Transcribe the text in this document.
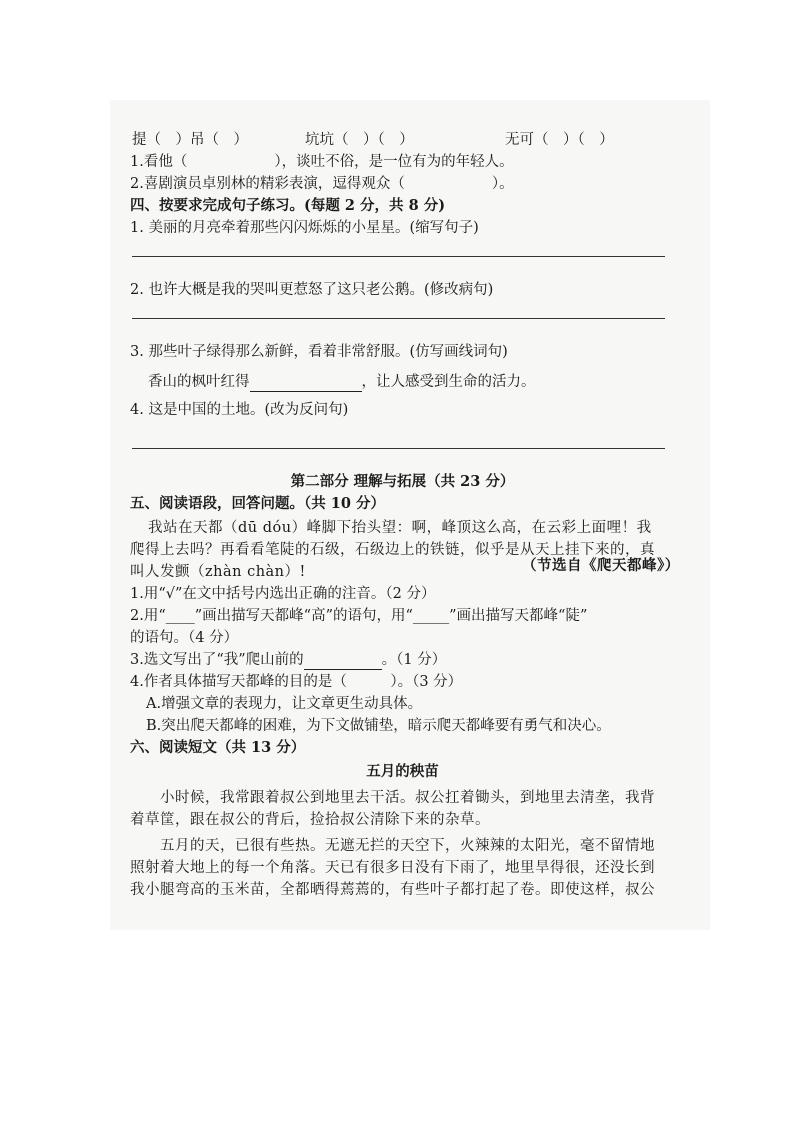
提（　）吊（　）	坑坑（　）（　）	无可（　）（　）
1.看他（　　　　　　），谈吐不俗，是一位有为的年轻人。
2.喜剧演员卓别林的精彩表演，逗得观众（　　　　　　）。
四、按要求完成句子练习。(每题 2 分，共 8 分)
1. 美丽的月亮牵着那些闪闪烁烁的小星星。(缩写句子)
2. 也许大概是我的哭叫更惹怒了这只老公鹅。(修改病句)
3. 那些叶子绿得那么新鲜，看着非常舒服。(仿写画线词句)
香山的枫叶红得	，让人感受到生命的活力。
4. 这是中国的土地。(改为反问句)
第二部分 理解与拓展（共 23 分）
五、阅读语段，回答问题。（共 10 分）
我站在天都（dū dóu）峰脚下抬头望：啊，峰顶这么高，在云彩上面哩！我
爬得上去吗？再看看笔陡的石级，石级边上的铁链，似乎是从天上挂下来的，真
叫人发颤（zhàn chàn）!	（节选自《爬天都峰》）
1.用“√”在文中括号内选出正确的注音。（2 分）
2.用“____”画出描写天都峰“高”的语句，用“_____”画出描写天都峰“陡”
的语句。（4 分）
3.选文写出了“我”爬山前的	。（1 分）
4.作者具体描写天都峰的目的是（　　　）。（3 分）
A.增强文章的表现力，让文章更生动具体。
B.突出爬天都峰的困难，为下文做铺垫，暗示爬天都峰要有勇气和决心。
六、阅读短文（共 13 分）
五月的秧苗
小时候，我常跟着叔公到地里去干活。叔公扛着锄头，到地里去清垄，我背
着草筐，跟在叔公的背后，捡拾叔公清除下来的杂草。
五月的天，已很有些热。无遮无拦的天空下，火辣辣的太阳光，毫不留情地
照射着大地上的每一个角落。天已有很多日没有下雨了，地里旱得很，还没长到
我小腿弯高的玉米苗，全都晒得蔫蔫的，有些叶子都打起了卷。即使这样，叔公
